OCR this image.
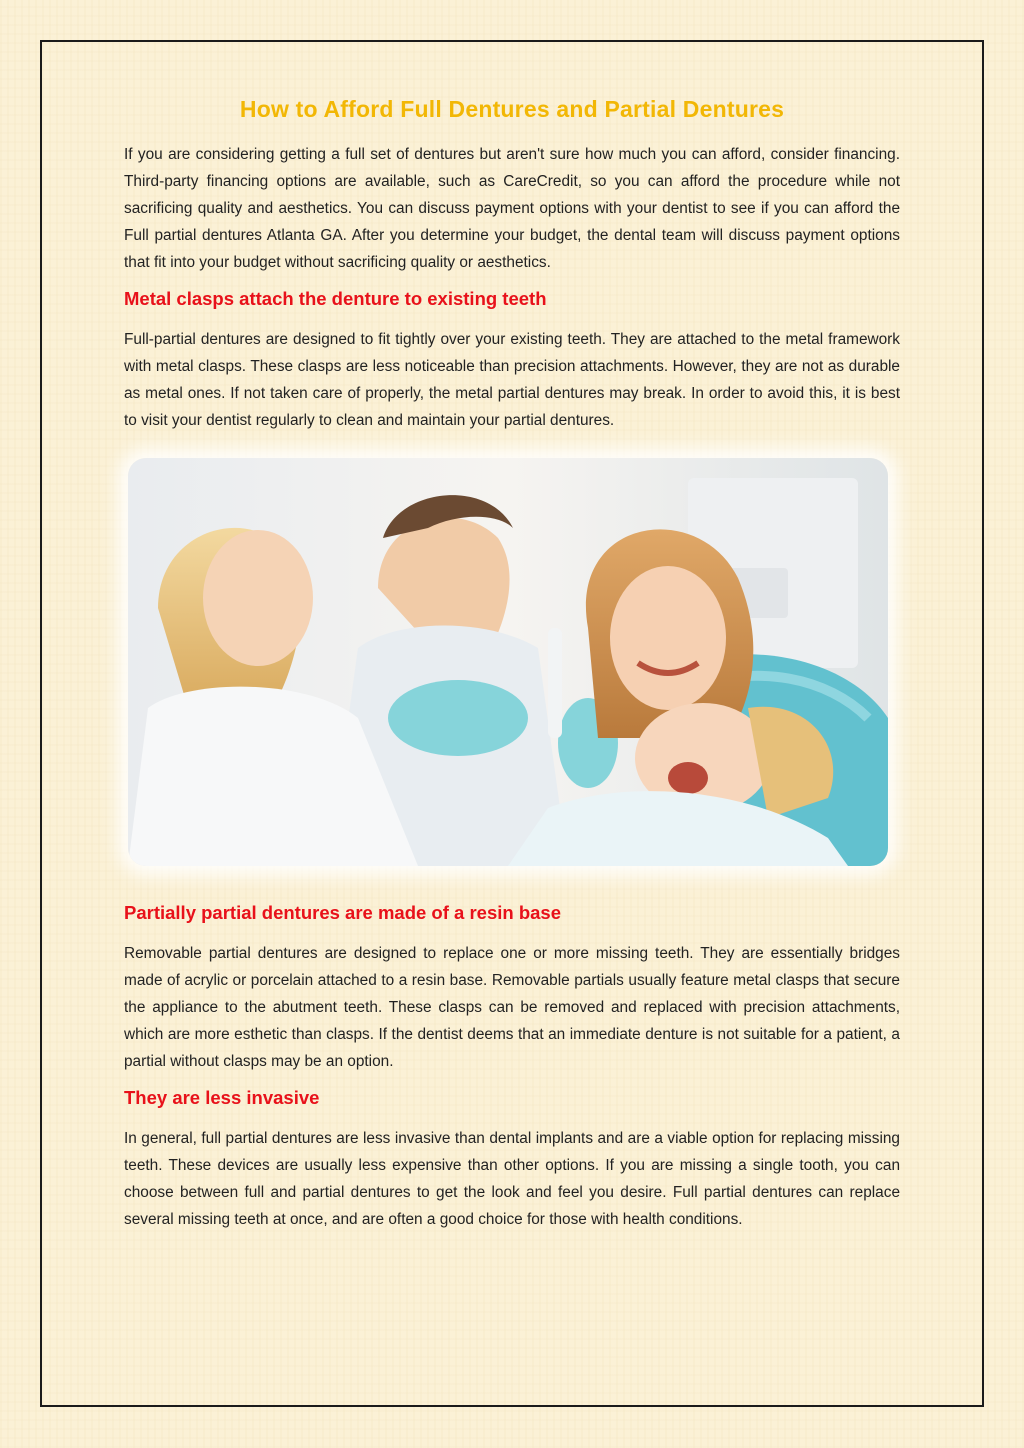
How to Afford Full Dentures and Partial Dentures

If you are considering getting a full set of dentures but aren't sure how much you can afford, consider financing. Third-party financing options are available, such as CareCredit, so you can afford the procedure while not sacrificing quality and aesthetics. You can discuss payment options with your dentist to see if you can afford the Full partial dentures Atlanta GA. After you determine your budget, the dental team will discuss payment options that fit into your budget without sacrificing quality or aesthetics.

Metal clasps attach the denture to existing teeth

Full-partial dentures are designed to fit tightly over your existing teeth. They are attached to the metal framework with metal clasps. These clasps are less noticeable than precision attachments. However, they are not as durable as metal ones. If not taken care of properly, the metal partial dentures may break. In order to avoid this, it is best to visit your dentist regularly to clean and maintain your partial dentures.

Partially partial dentures are made of a resin base

Removable partial dentures are designed to replace one or more missing teeth. They are essentially bridges made of acrylic or porcelain attached to a resin base. Removable partials usually feature metal clasps that secure the appliance to the abutment teeth. These clasps can be removed and replaced with precision attachments, which are more esthetic than clasps. If the dentist deems that an immediate denture is not suitable for a patient, a partial without clasps may be an option.

They are less invasive

In general, full partial dentures are less invasive than dental implants and are a viable option for replacing missing teeth. These devices are usually less expensive than other options. If you are missing a single tooth, you can choose between full and partial dentures to get the look and feel you desire. Full partial dentures can replace several missing teeth at once, and are often a good choice for those with health conditions.
